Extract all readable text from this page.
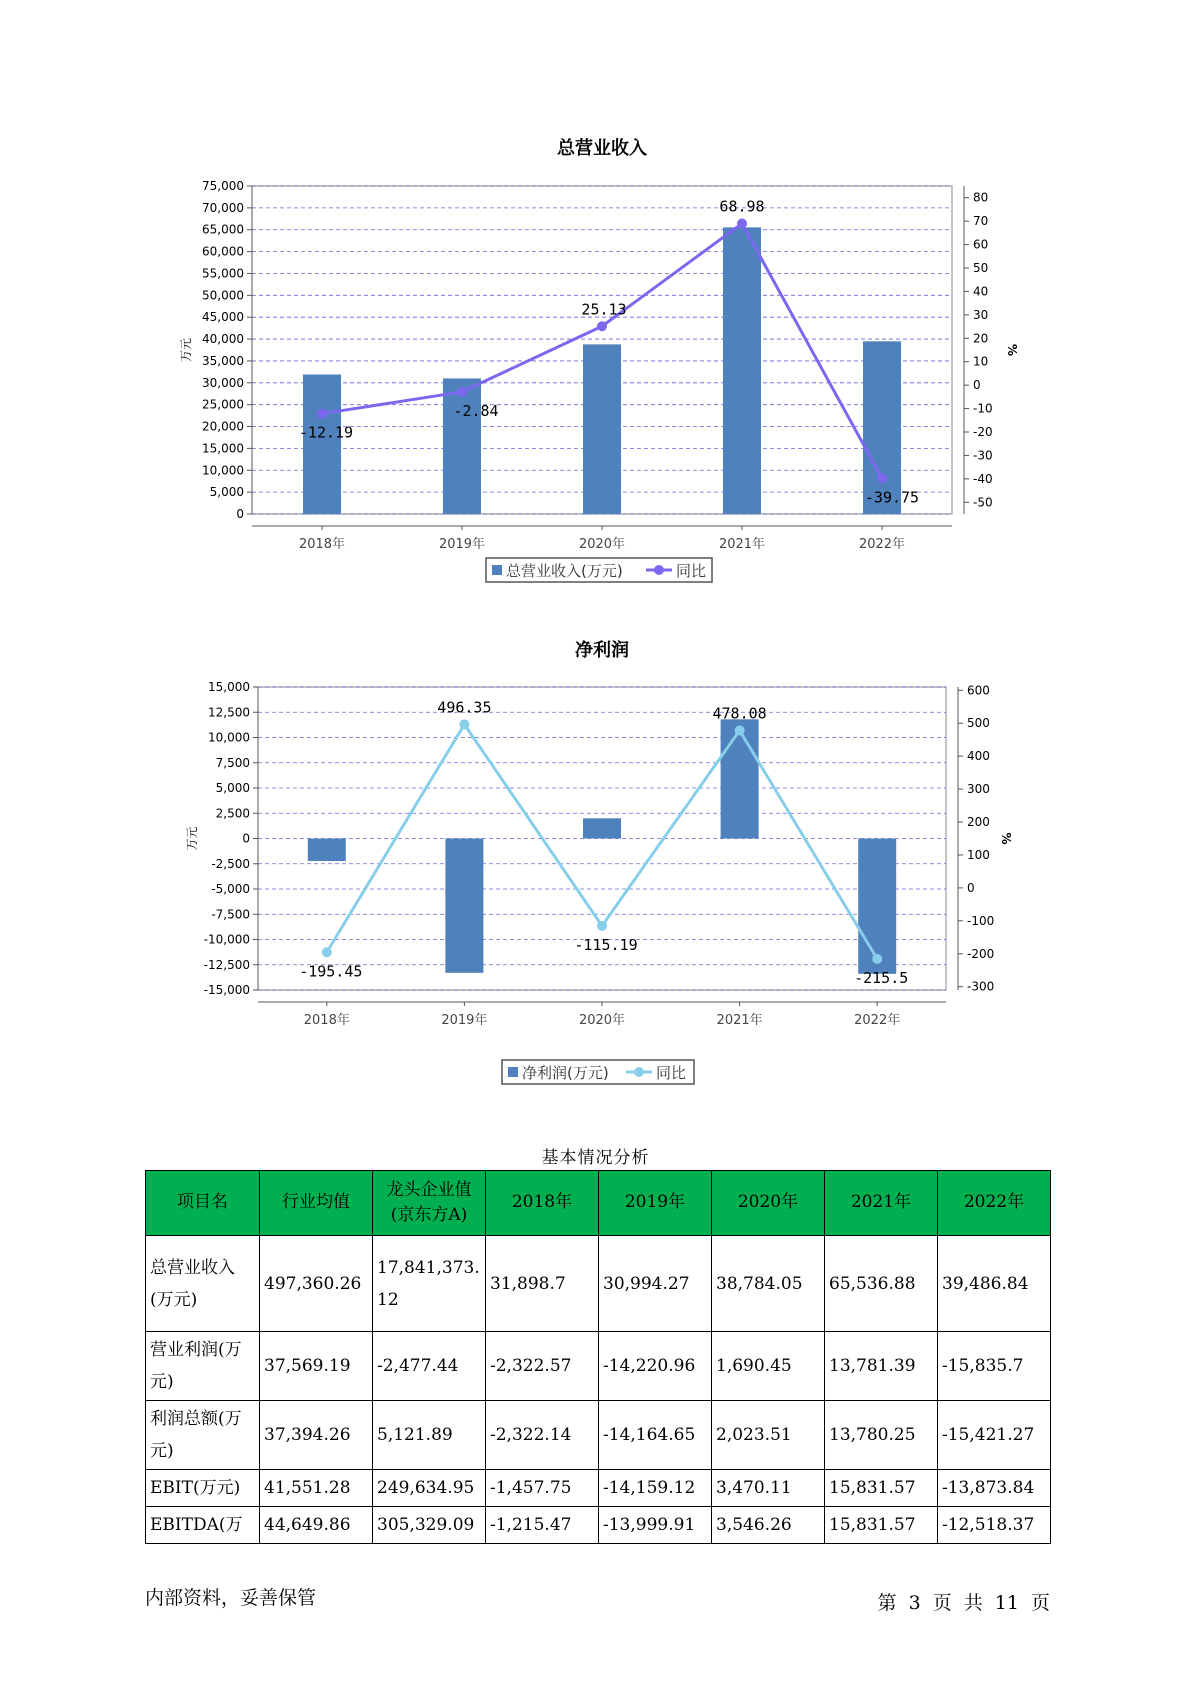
总营业收入
0
5,000
10,000
15,000
20,000
25,000
30,000
35,000
40,000
45,000
50,000
55,000
60,000
65,000
70,000
75,000
-50
-40
-30
-20
-10
0
10
20
30
40
50
60
70
80
万元	%
2018年	2019年	2020年	2021年	2022年
-12.19
-2.84
25.13
68.98
-39.75
总营业收入(万元)	同比
净利润
-15,000
-12,500
-10,000
-7,500
-5,000
-2,500
0
2,500
5,000
7,500
10,000
12,500
15,000
-300
-200
-100
0
100
200
300
400
500
600
万元	%
2018年	2019年	2020年	2021年	2022年
-195.45
496.35
-115.19
478.08
-215.5
净利润(万元)	同比
基本情况分析
项目名	行业均值	龙头企业值(京东方A)	2018年	2019年	2020年	2021年	2022年
总营业收入(万元)	497,360.26	17,841,373.12	31,898.7	30,994.27	38,784.05	65,536.88	39,486.84
营业利润(万元)	37,569.19	-2,477.44	-2,322.57	-14,220.96	1,690.45	13,781.39	-15,835.7
利润总额(万元)	37,394.26	5,121.89	-2,322.14	-14,164.65	2,023.51	13,780.25	-15,421.27
EBIT(万元)	41,551.28	249,634.95	-1,457.75	-14,159.12	3,470.11	15,831.57	-13,873.84
EBITDA(万	44,649.86	305,329.09	-1,215.47	-13,999.91	3,546.26	15,831.57	-12,518.37
内部资料，妥善保管	第 3 页 共 11 页
